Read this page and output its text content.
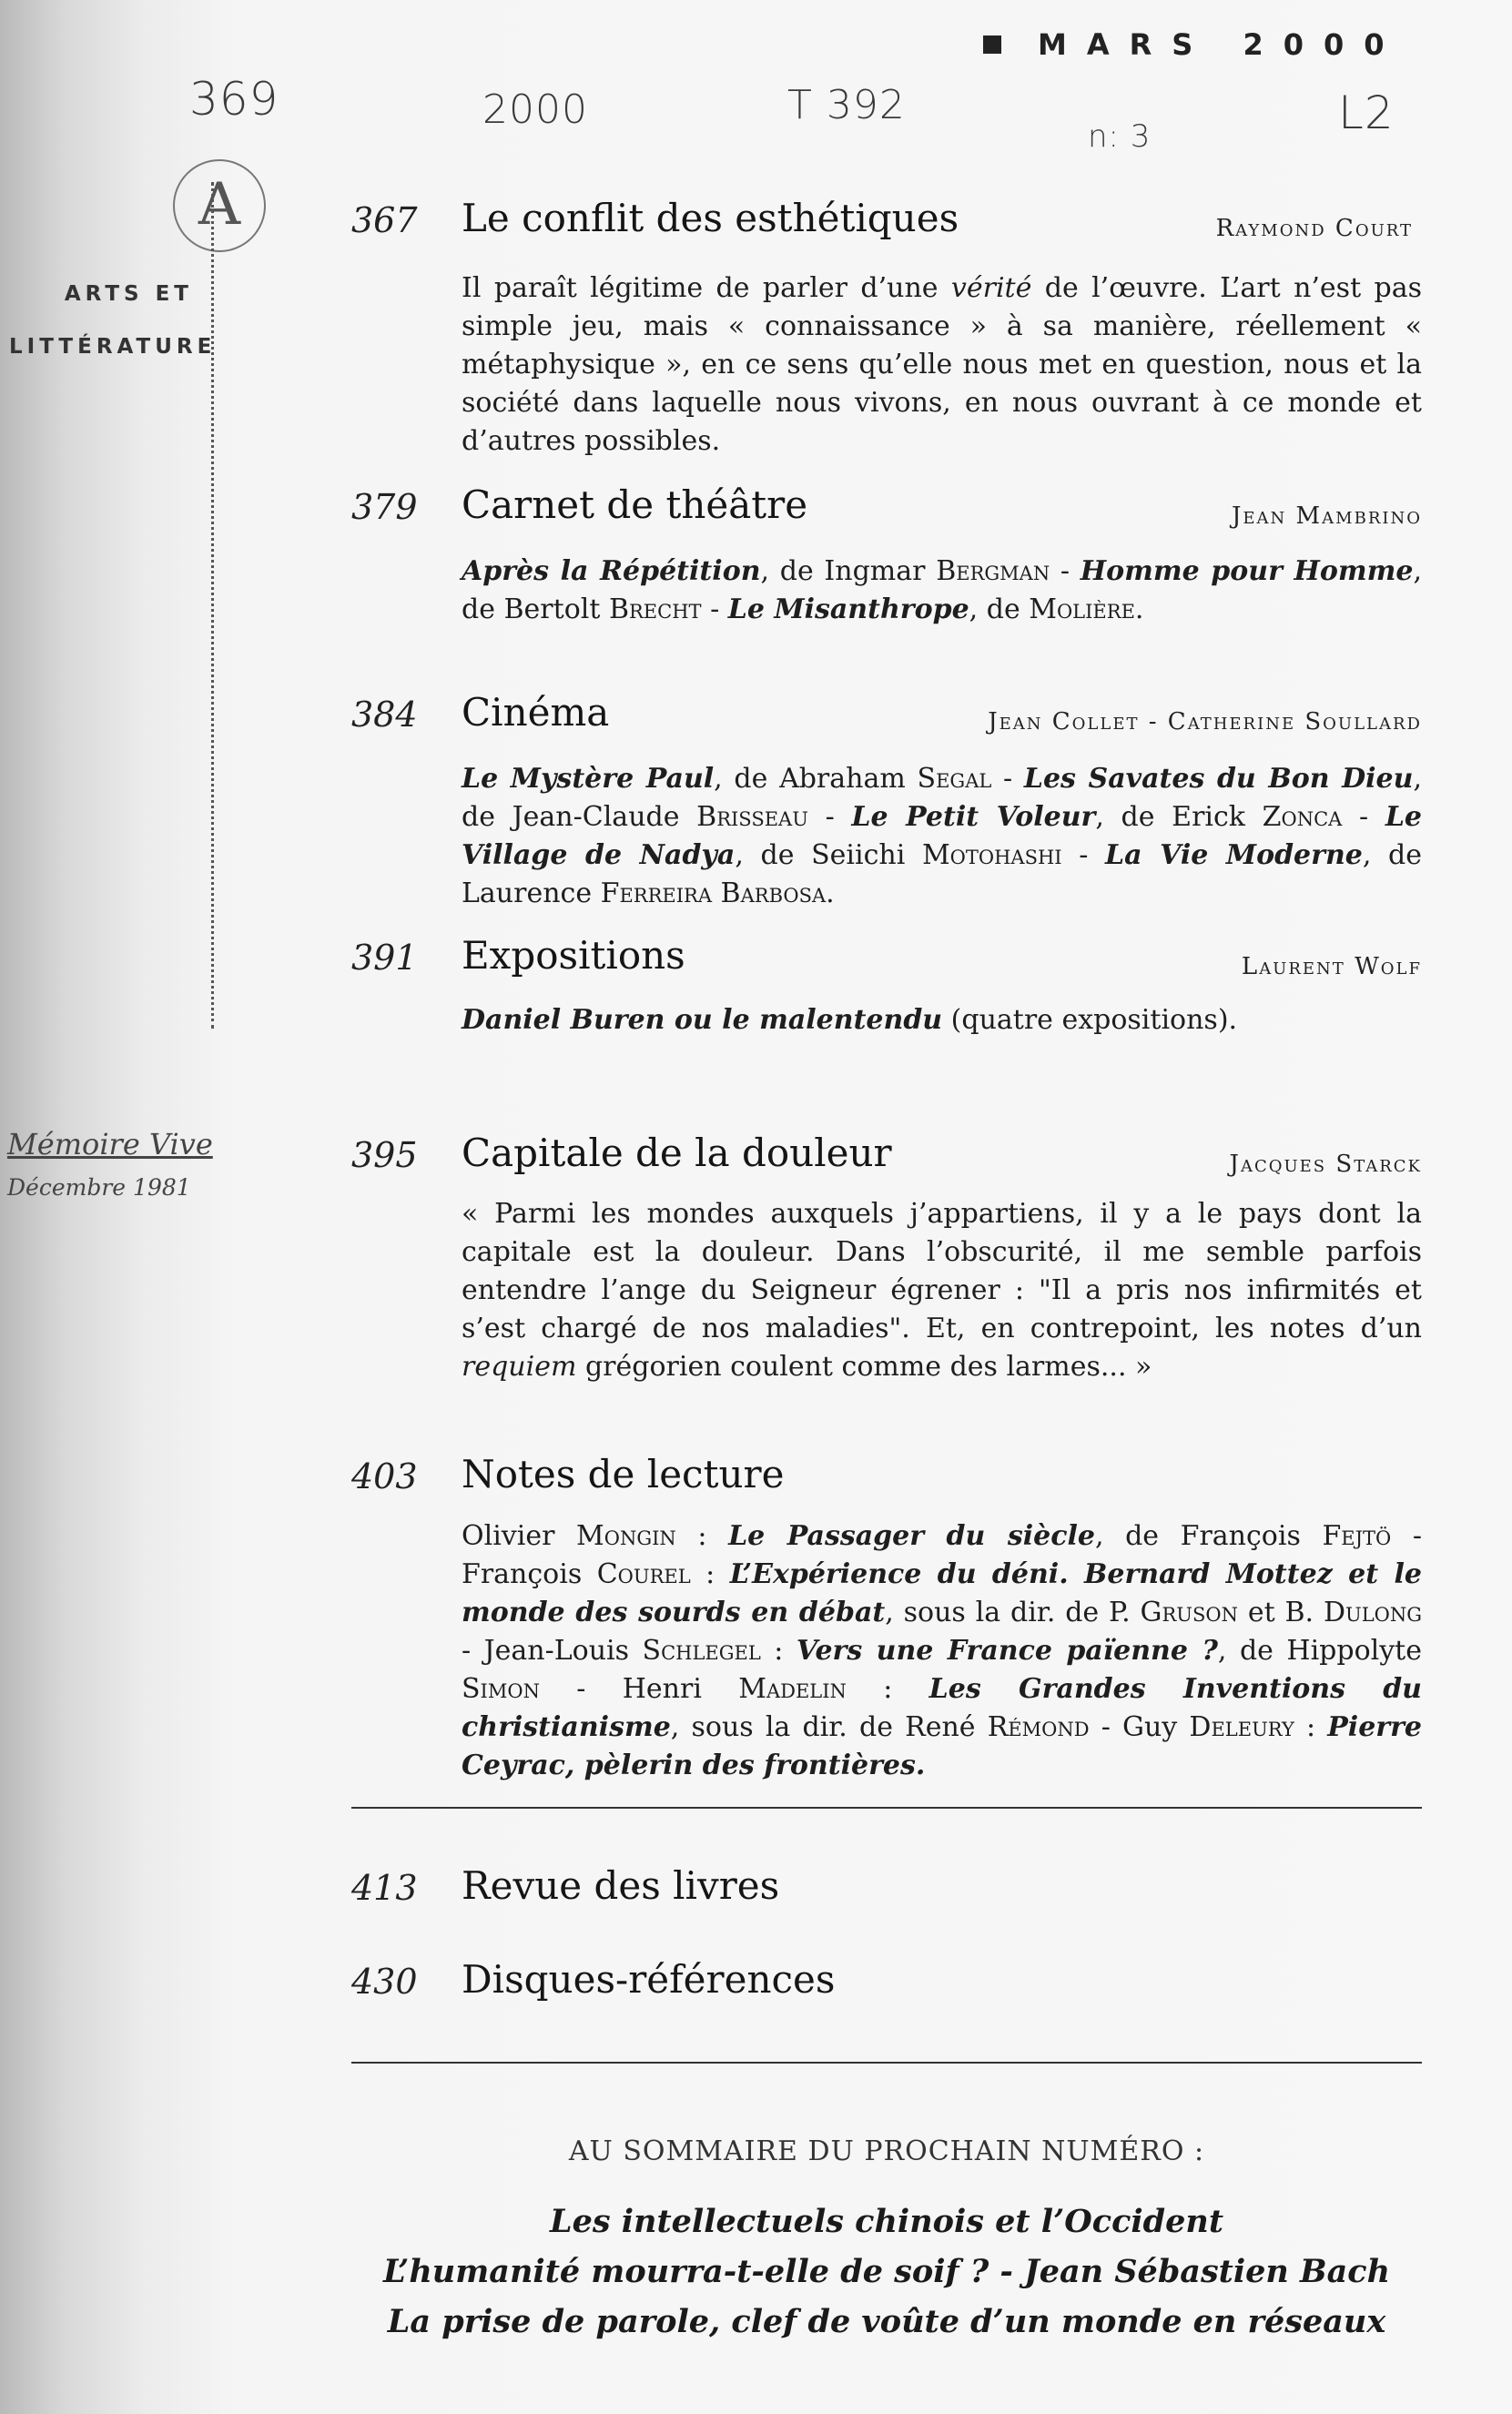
MARS 2000
369	2000	T 392
n: 3	L2
A
ARTS ET
LITTÉRATURE
Mémoire Vive
Décembre 1981
367 Le conflit des esthétiques	Raymond Court
Il paraît légitime de parler d’une vérité de l’œuvre. L’art n’est pas simple jeu, mais « connaissance » à sa manière, réellement « métaphysique », en ce sens qu’elle nous met en question, nous et la société dans laquelle nous vivons, en nous ouvrant à ce monde et d’autres possibles.
379 Carnet de théâtre	Jean Mambrino
Après la Répétition, de Ingmar Bergman - Homme pour Homme, de Bertolt Brecht - Le Misanthrope, de Molière.
384 Cinéma	Jean Collet - Catherine Soullard
Le Mystère Paul, de Abraham Segal - Les Savates du Bon Dieu, de Jean-Claude Brisseau - Le Petit Voleur, de Erick Zonca - Le Village de Nadya, de Seiichi Motohashi - La Vie Moderne, de Laurence Ferreira Barbosa.
391 Expositions	Laurent Wolf
Daniel Buren ou le malentendu (quatre expositions).
395 Capitale de la douleur	Jacques Starck
« Parmi les mondes auxquels j’appartiens, il y a le pays dont la capitale est la douleur. Dans l’obscurité, il me semble parfois entendre l’ange du Seigneur égrener : "Il a pris nos infirmités et s’est chargé de nos maladies". Et, en contrepoint, les notes d’un requiem grégorien coulent comme des larmes... »
403 Notes de lecture
Olivier Mongin : Le Passager du siècle, de François Fejtö - François Courel : L’Expérience du déni. Bernard Mottez et le monde des sourds en débat, sous la dir. de P. Gruson et B. Dulong - Jean-Louis Schlegel : Vers une France païenne ?, de Hippolyte Simon - Henri Madelin : Les Grandes Inventions du christianisme, sous la dir. de René Rémond - Guy Deleury : Pierre Ceyrac, pèlerin des frontières.
413 Revue des livres
430 Disques-références
AU SOMMAIRE DU PROCHAIN NUMÉRO :
Les intellectuels chinois et l’Occident
L’humanité mourra-t-elle de soif ? - Jean Sébastien Bach
La prise de parole, clef de voûte d’un monde en réseaux
